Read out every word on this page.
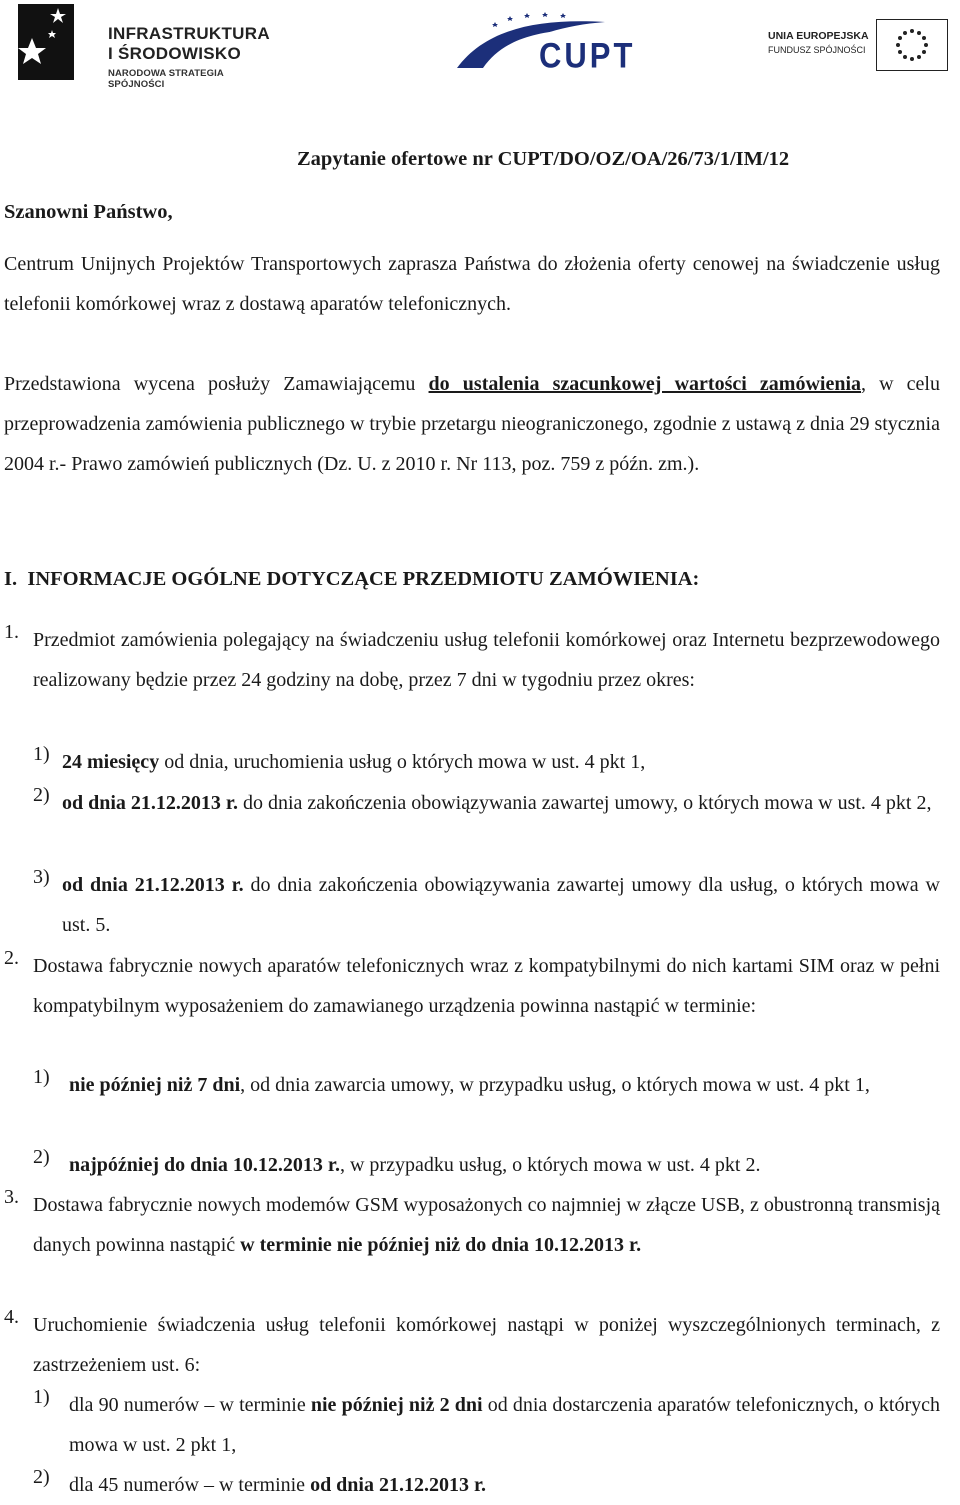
INFRASTRUKTURA
I ŚRODOWISKO
NARODOWA STRATEGIA SPÓJNOŚCI
CUPT	UNIA EUROPEJSKA
FUNDUSZ SPÓJNOŚCI
Zapytanie ofertowe nr CUPT/DO/OZ/OA/26/73/1/IM/12
Szanowni Państwo,
Centrum Unijnych Projektów Transportowych zaprasza Państwa do złożenia oferty cenowej na świadczenie usług telefonii komórkowej wraz z dostawą aparatów telefonicznych.
Przedstawiona wycena posłuży Zamawiającemu do ustalenia szacunkowej wartości zamówienia, w celu przeprowadzenia zamówienia publicznego w trybie przetargu nieograniczonego, zgodnie z ustawą z dnia 29 stycznia 2004 r.- Prawo zamówień publicznych (Dz. U. z 2010 r. Nr 113, poz. 759 z późn. zm.).
I.  INFORMACJE OGÓLNE DOTYCZĄCE PRZEDMIOTU ZAMÓWIENIA:
1. Przedmiot zamówienia polegający na świadczeniu usług telefonii komórkowej oraz Internetu bezprzewodowego realizowany będzie przez 24 godziny na dobę, przez 7 dni w tygodniu przez okres:
1) 24 miesięcy od dnia, uruchomienia usług o których mowa w ust. 4 pkt 1,
2) od dnia 21.12.2013 r. do dnia zakończenia obowiązywania zawartej umowy, o których mowa w ust. 4 pkt 2,
3) od dnia 21.12.2013 r. do dnia zakończenia obowiązywania zawartej umowy dla usług, o których mowa w ust. 5.
2. Dostawa fabrycznie nowych aparatów telefonicznych wraz z kompatybilnymi do nich kartami SIM oraz w pełni kompatybilnym wyposażeniem do zamawianego urządzenia powinna nastąpić w terminie:
1) nie później niż 7 dni, od dnia zawarcia umowy, w przypadku usług, o których mowa w ust. 4 pkt 1,
2) najpóźniej do dnia 10.12.2013 r., w przypadku usług, o których mowa w ust. 4 pkt 2.
3. Dostawa fabrycznie nowych modemów GSM wyposażonych co najmniej w złącze USB, z obustronną transmisją danych powinna nastąpić w terminie nie później niż do dnia 10.12.2013 r.
4. Uruchomienie świadczenia usług telefonii komórkowej nastąpi w poniżej wyszczególnionych terminach, z zastrzeżeniem ust. 6:
1) dla 90 numerów – w terminie nie później niż 2 dni od dnia dostarczenia aparatów telefonicznych, o których mowa w ust. 2 pkt 1,
2) dla 45 numerów – w terminie od dnia 21.12.2013 r.
